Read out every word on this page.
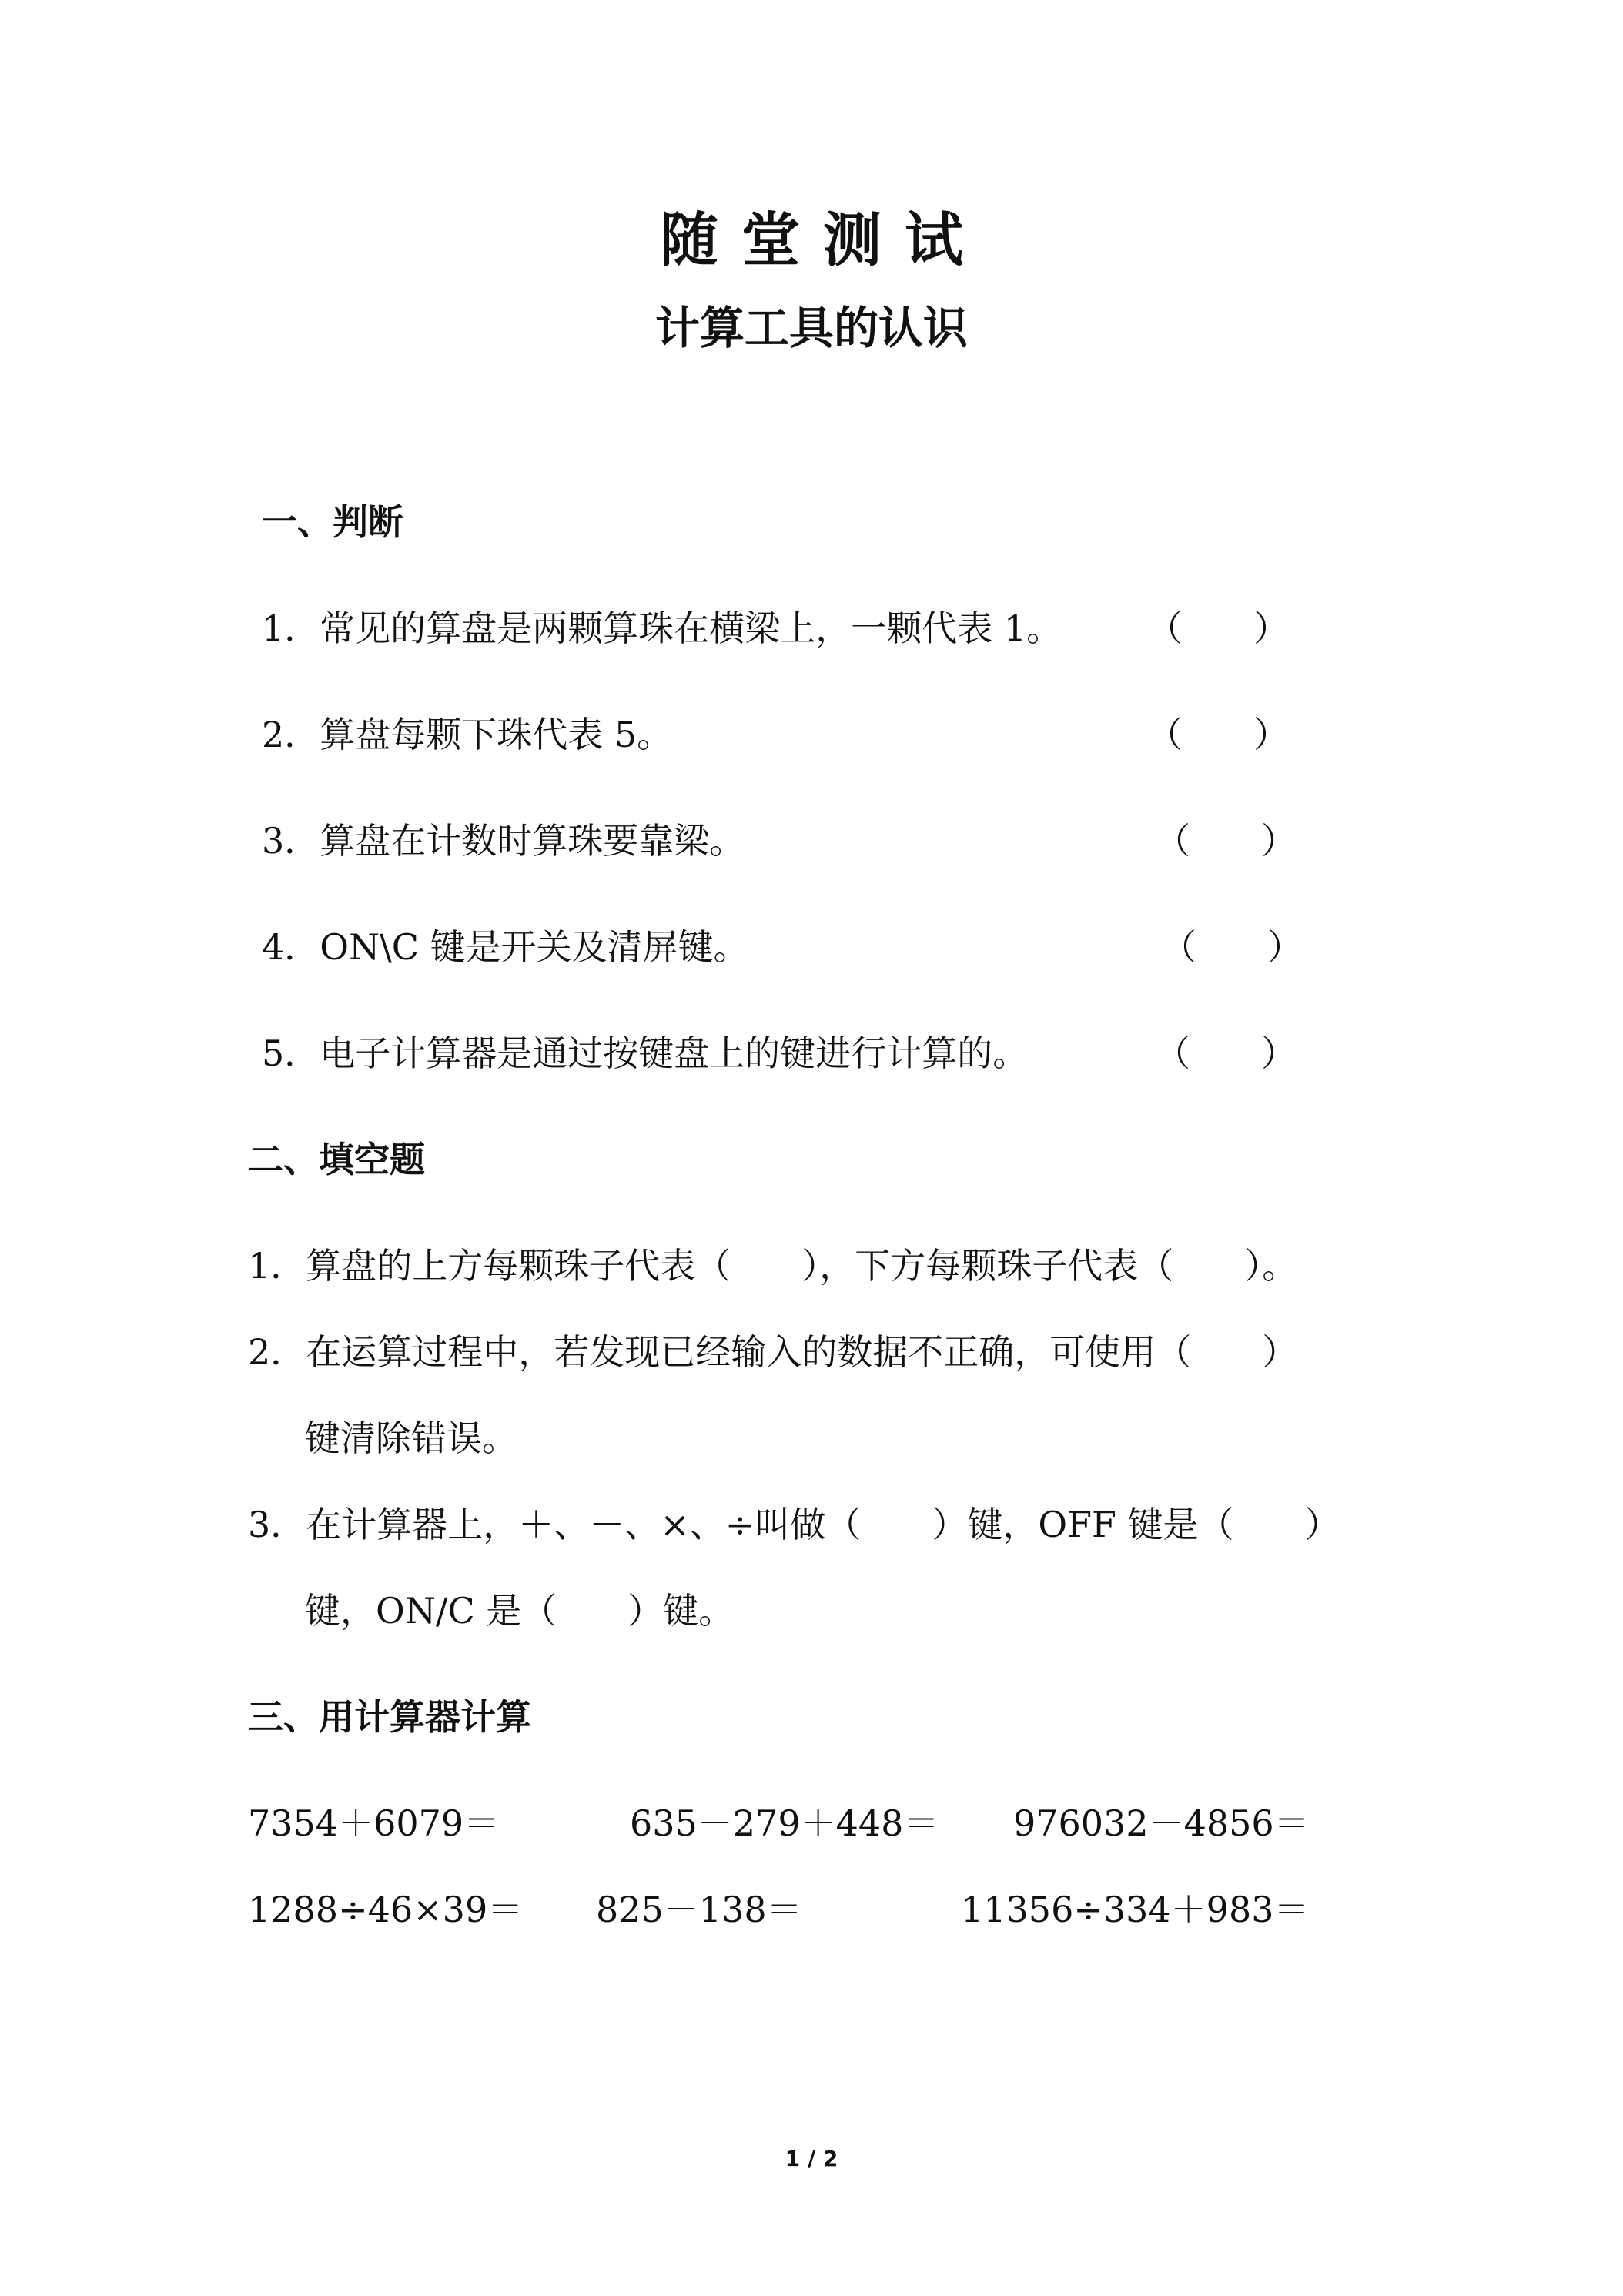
随堂测试
计算工具的认识
一、判断
1．常见的算盘是两颗算珠在横梁上，一颗代表 1。 （　　）
2．算盘每颗下珠代表 5。	（　　）
3．算盘在计数时算珠要靠梁。	（　　）
4．ON\C 键是开关及清屏键。	（　　）
5．电子计算器是通过按键盘上的键进行计算的。	（　　）
二、填空题
1．算盘的上方每颗珠子代表（　　），下方每颗珠子代表（　　）。
2．在运算过程中，若发现已经输入的数据不正确，可使用（　　）
键清除错误。
3．在计算器上，＋、－、×、÷叫做（　　）键，OFF 键是（　　）
键，ON/C 是（　　）键。
三、用计算器计算
7354＋6079＝	635－279＋448＝ 976032－4856＝
1288÷46×39＝ 825－138＝	11356÷334＋983＝
1 / 2
